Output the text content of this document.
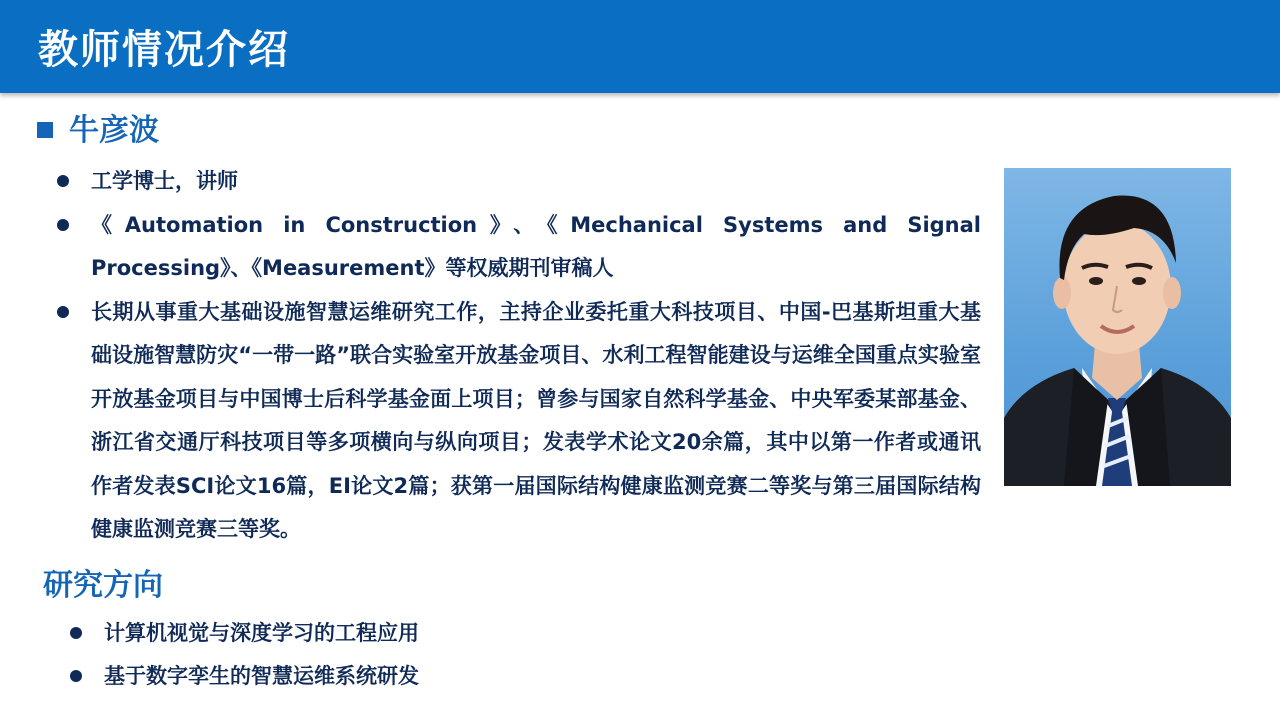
教师情况介绍
牛彦波
工学博士，讲师
《Automation in Construction》、《Mechanical Systems and Signal Processing》、《Measurement》等权威期刊审稿人
长期从事重大基础设施智慧运维研究工作，主持企业委托重大科技项目、中国-巴基斯坦重大基础设施智慧防灾“一带一路”联合实验室开放基金项目、水利工程智能建设与运维全国重点实验室开放基金项目与中国博士后科学基金面上项目；曾参与国家自然科学基金、中央军委某部基金、浙江省交通厅科技项目等多项横向与纵向项目；发表学术论文20余篇，其中以第一作者或通讯作者发表SCI论文16篇，EI论文2篇；获第一届国际结构健康监测竞赛二等奖与第三届国际结构健康监测竞赛三等奖。
研究方向
计算机视觉与深度学习的工程应用
基于数字孪生的智慧运维系统研发
